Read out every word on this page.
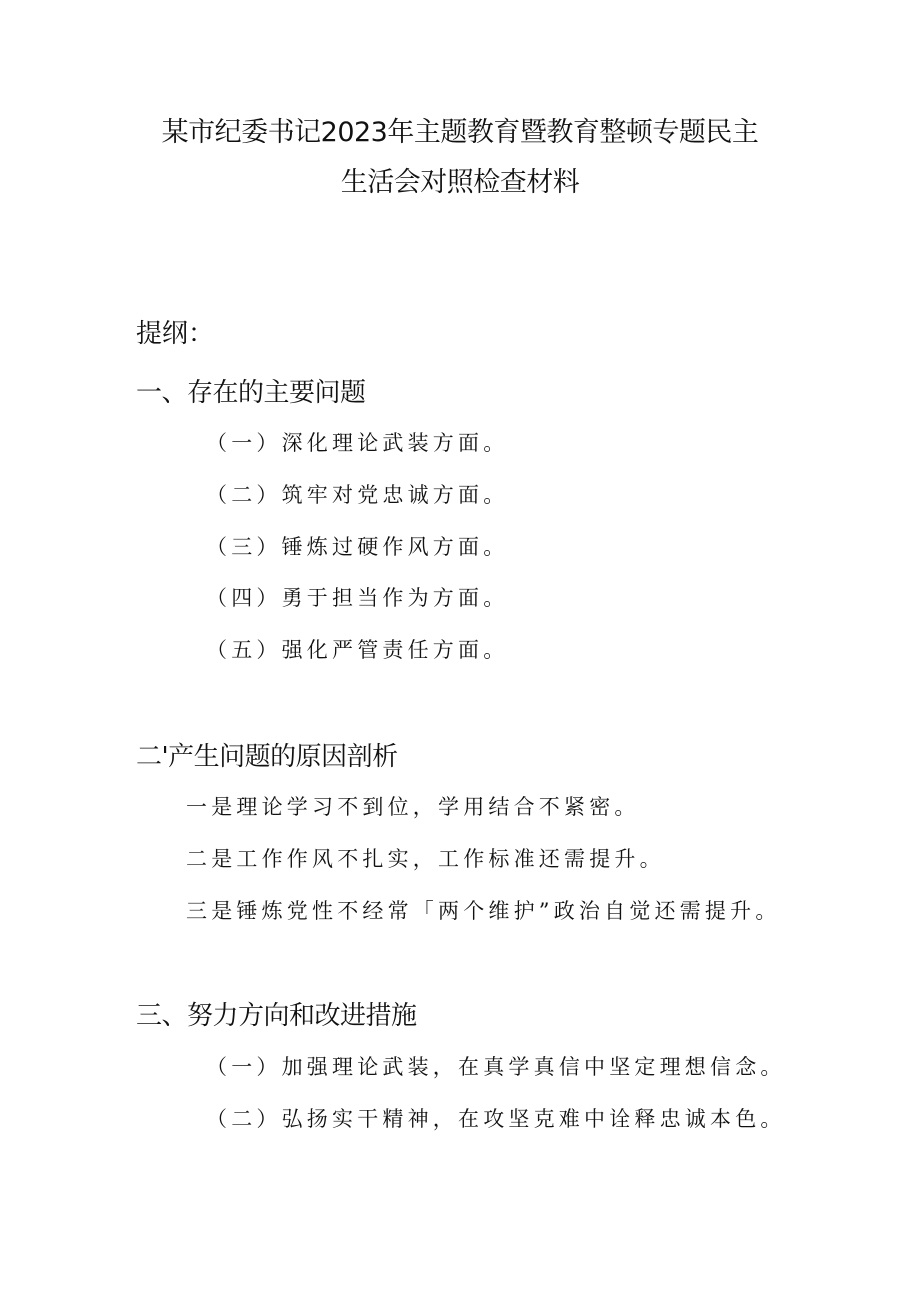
某市纪委书记2023年主题教育暨教育整顿专题民主
生活会对照检查材料
提纲：
一、存在的主要问题
（一）深化理论武装方面。
（二）筑牢对党忠诚方面。
（三）锤炼过硬作风方面。
（四）勇于担当作为方面。
（五）强化严管责任方面。
二'产生问题的原因剖析
一是理论学习不到位，学用结合不紧密。
二是工作作风不扎实，工作标准还需提升。
三是锤炼党性不经常「两个维护”政治自觉还需提升。
三、努力方向和改进措施
（一）加强理论武装，在真学真信中坚定理想信念。
（二）弘扬实干精神，在攻坚克难中诠释忠诚本色。
